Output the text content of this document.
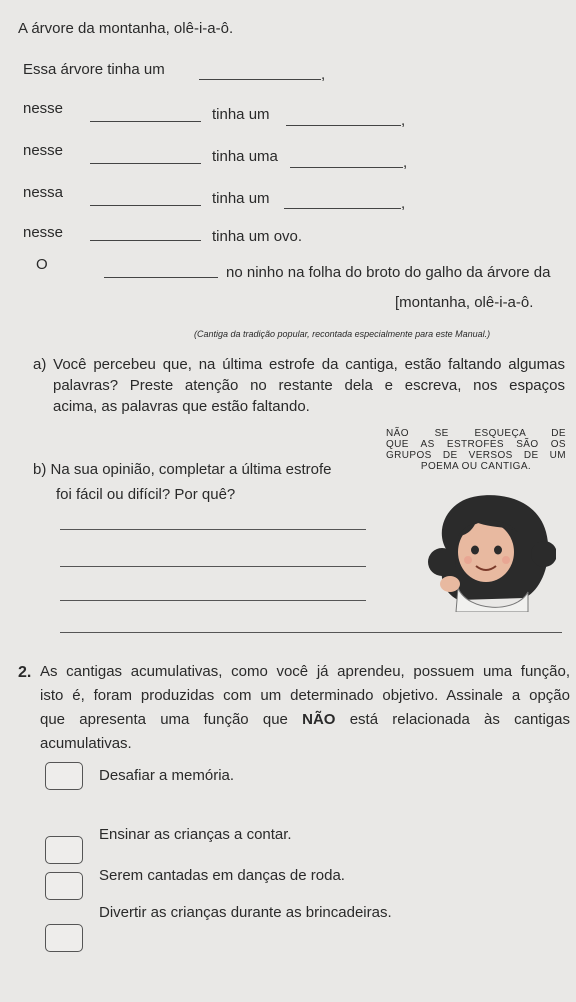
A árvore da montanha, olê-i-a-ô.
Essa árvore tinha um	,
nesse	tinha um	,
nesse	tinha uma	,
nessa	tinha um	,
nesse	tinha um ovo.
O	no ninho na folha do broto do galho da árvore da
[montanha, olê-i-a-ô.
(Cantiga da tradição popular, recontada especialmente para este Manual.)
a) Você percebeu que, na última estrofe da cantiga, estão faltando algumas
palavras? Preste atenção no restante dela e escreva, nos espaços
acima, as palavras que estão faltando.
NÃO SE ESQUEÇA DE
QUE AS ESTROFES SÃO OS
GRUPOS DE VERSOS DE UM
POEMA OU CANTIGA.
b) Na sua opinião, completar a última estrofe
foi fácil ou difícil? Por quê?
2. As cantigas acumulativas, como você já aprendeu, possuem uma função,
isto é, foram produzidas com um determinado objetivo. Assinale a opção
que apresenta uma função que NÃO está relacionada às cantigas
acumulativas.
Desafiar a memória.
Ensinar as crianças a contar.
Serem cantadas em danças de roda.
Divertir as crianças durante as brincadeiras.
